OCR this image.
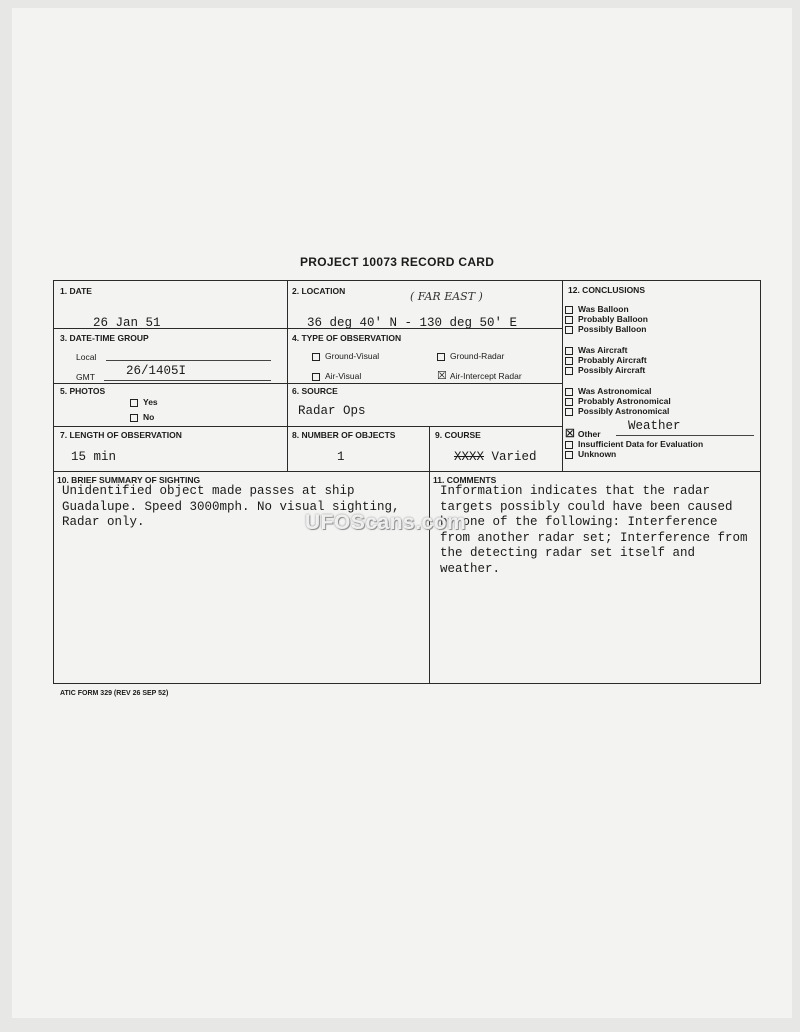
PROJECT 10073 RECORD CARD
1. DATE
26 Jan 51
2. LOCATION	( FAR EAST )
36 deg 40' N - 130 deg 50' E
3. DATE-TIME GROUP
Local
GMT 26/1405I
4. TYPE OF OBSERVATION
Ground-Visual	Ground-Radar
Air-Visual	☒ Air-Intercept Radar
5. PHOTOS
Yes
No
6. SOURCE
Radar Ops
7. LENGTH OF OBSERVATION
15 min
8. NUMBER OF OBJECTS
1
9. COURSE
XXXX Varied
10. BRIEF SUMMARY OF SIGHTING
Unidentified object made passes at ship
Guadalupe. Speed 3000mph. No visual sighting,
Radar only.
11. COMMENTS
Information indicates that the radar
targets possibly could have been caused
by one of the following: Interference
from another radar set; Interference from
the detecting radar set itself and
weather.
12. CONCLUSIONS
Was Balloon
Probably Balloon
Possibly Balloon
Was Aircraft
Probably Aircraft
Possibly Aircraft
Was Astronomical
Probably Astronomical
Possibly Astronomical
☒ Other
Weather
Insufficient Data for Evaluation
Unknown
ATIC FORM 329 (REV 26 SEP 52)
UFOScans.com
